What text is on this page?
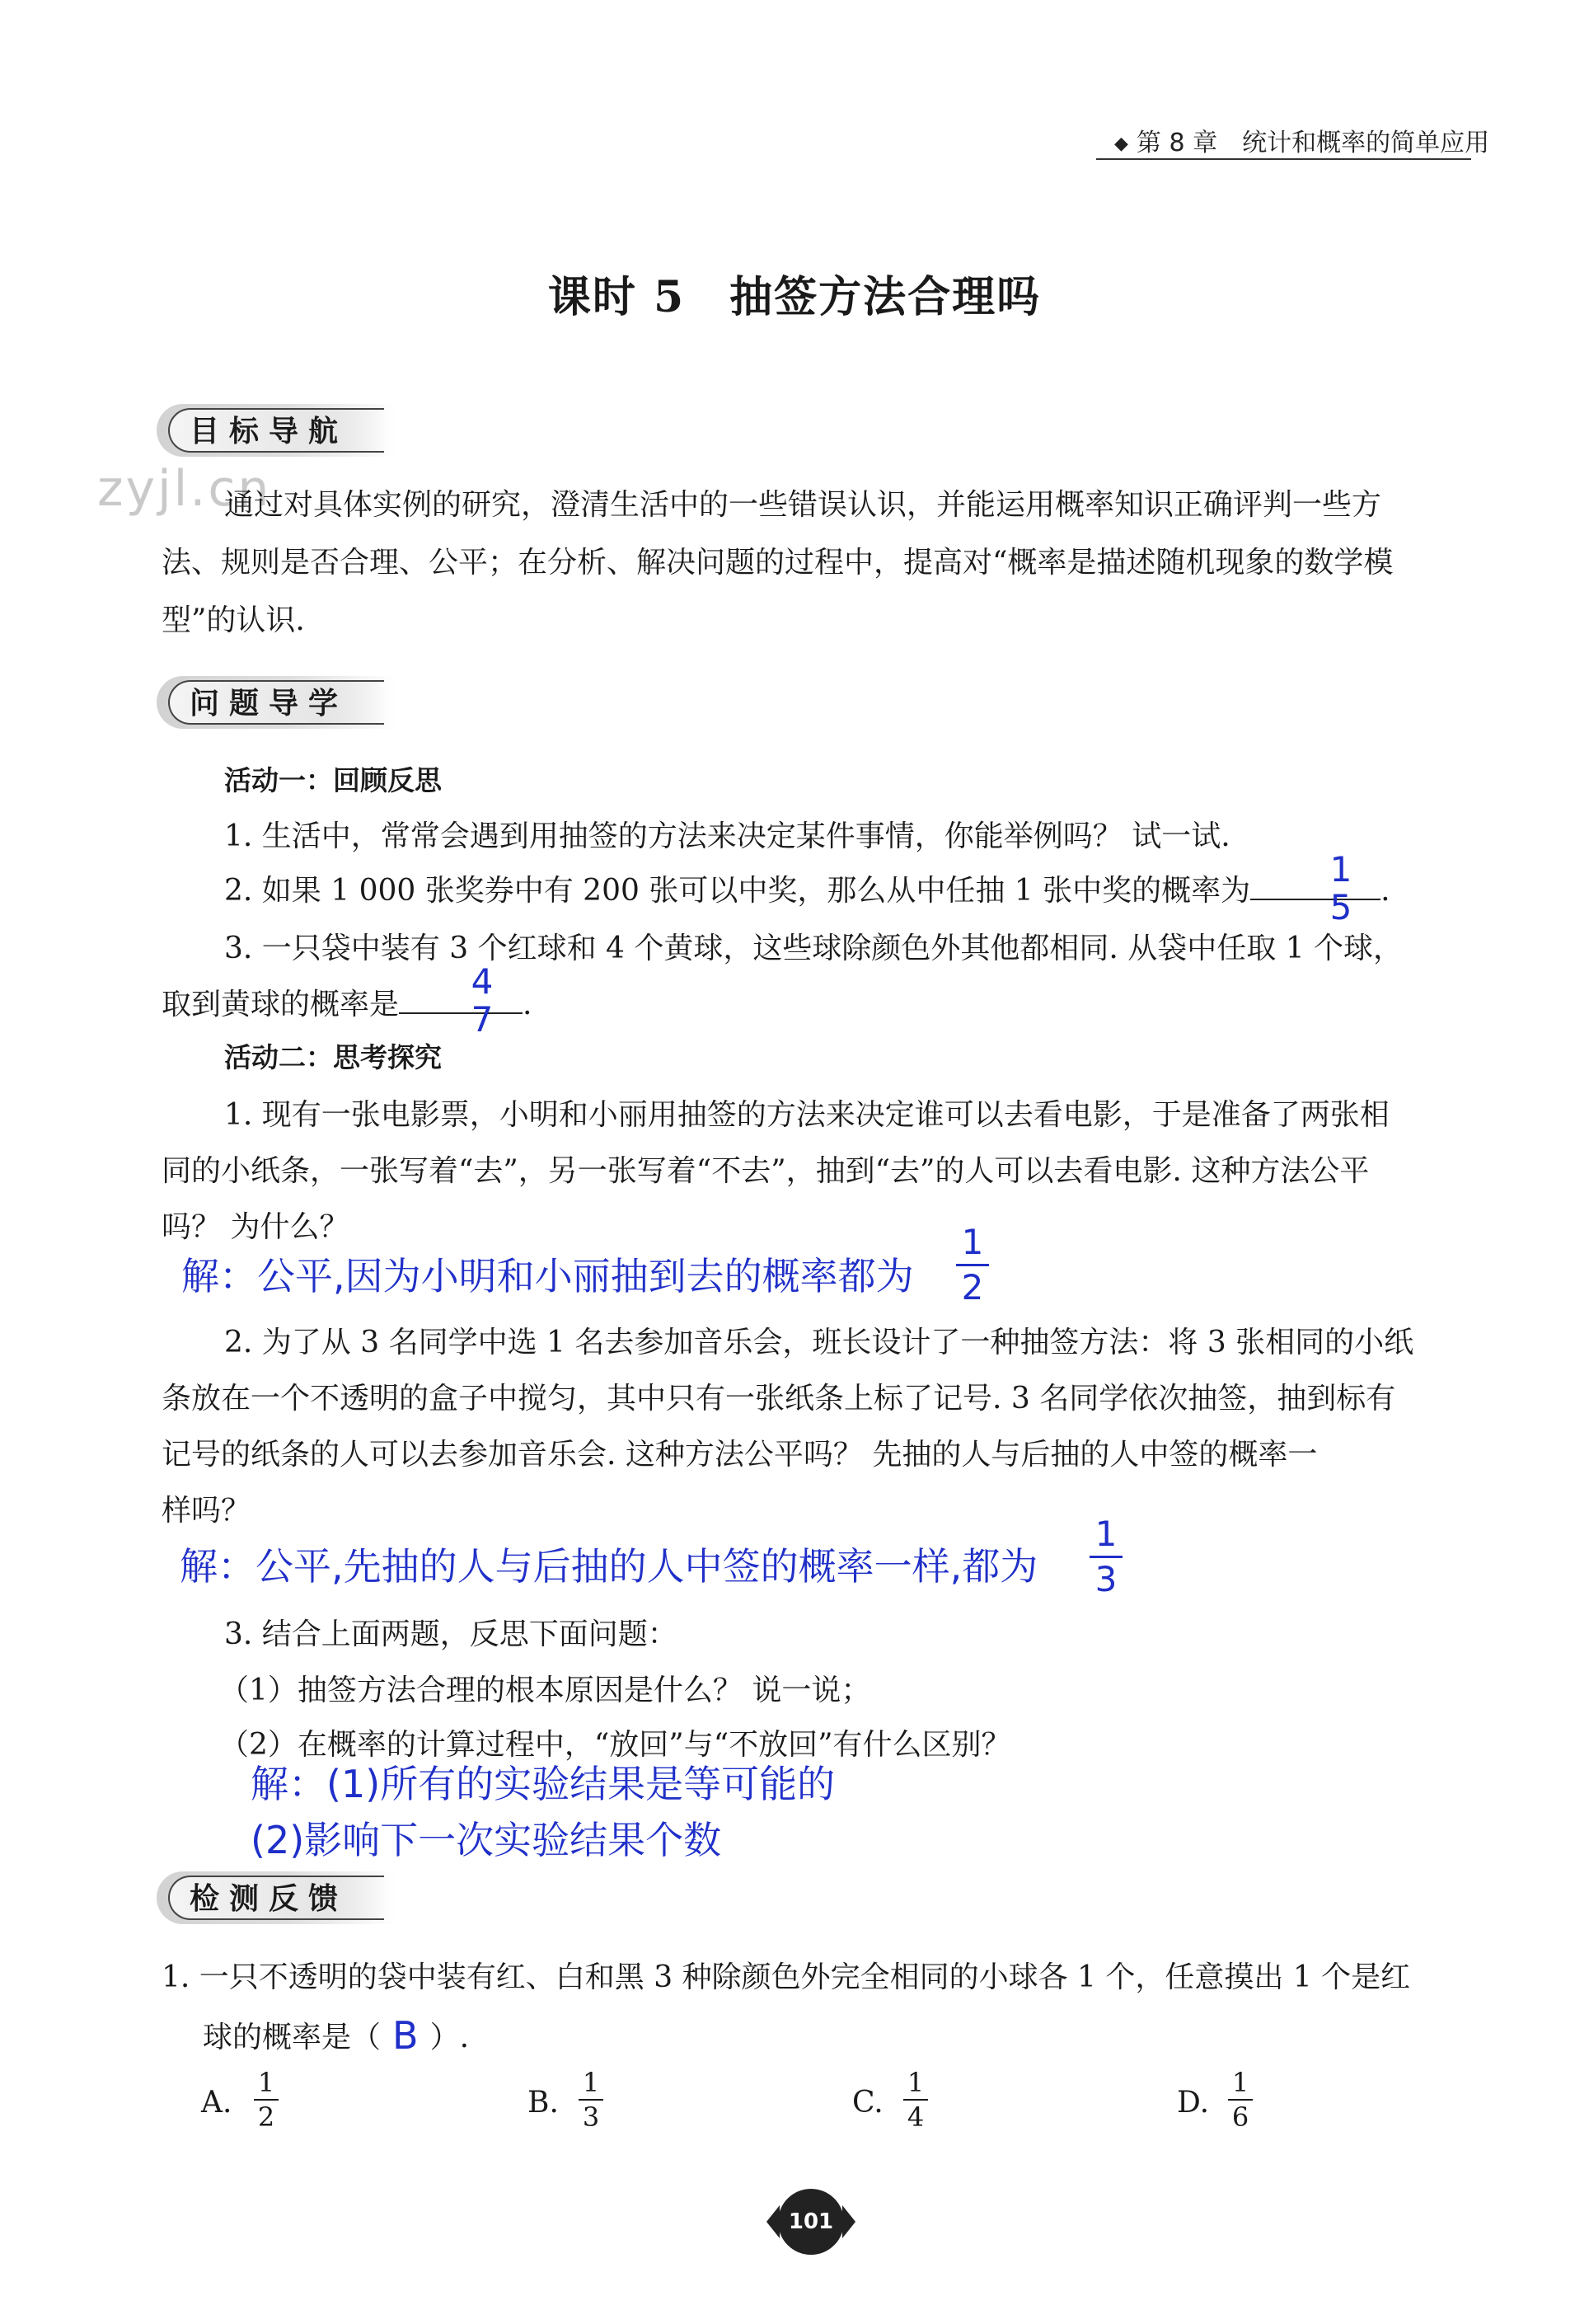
◆ 第 8 章　统计和概率的简单应用
课时 5　抽签方法合理吗
目标导航
zyjl.cn
通过对具体实例的研究，澄清生活中的一些错误认识，并能运用概率知识正确评判一些方
法、规则是否合理、公平；在分析、解决问题的过程中，提高对“概率是描述随机现象的数学模
型”的认识.
问题导学
活动一：回顾反思
1. 生活中，常常会遇到用抽签的方法来决定某件事情，你能举例吗？ 试一试.
2. 如果 1 000 张奖券中有 200 张可以中奖，那么从中任抽 1 张中奖的概率为	.
1
5
3. 一只袋中装有 3 个红球和 4 个黄球，这些球除颜色外其他都相同. 从袋中任取 1 个球，
取到黄球的概率是	.
4
7
活动二：思考探究
1. 现有一张电影票，小明和小丽用抽签的方法来决定谁可以去看电影，于是准备了两张相
同的小纸条，一张写着“去”，另一张写着“不去”，抽到“去”的人可以去看电影. 这种方法公平
吗？ 为什么？
解：公平,因为小明和小丽抽到去的概率都为
1
2
2. 为了从 3 名同学中选 1 名去参加音乐会，班长设计了一种抽签方法：将 3 张相同的小纸
条放在一个不透明的盒子中搅匀，其中只有一张纸条上标了记号. 3 名同学依次抽签，抽到标有
记号的纸条的人可以去参加音乐会. 这种方法公平吗？ 先抽的人与后抽的人中签的概率一
样吗？
解：公平,先抽的人与后抽的人中签的概率一样,都为
1
3
3. 结合上面两题，反思下面问题：
（1）抽签方法合理的根本原因是什么？ 说一说；
（2）在概率的计算过程中，“放回”与“不放回”有什么区别？
解：(1)所有的实验结果是等可能的
(2)影响下一次实验结果个数
检测反馈
1. 一只不透明的袋中装有红、白和黑 3 种除颜色外完全相同的小球各 1 个，任意摸出 1 个是红
球的概率是（ B ）.
A.
1
2	B.
1
3	C.
1
4	D.
1
6
101
